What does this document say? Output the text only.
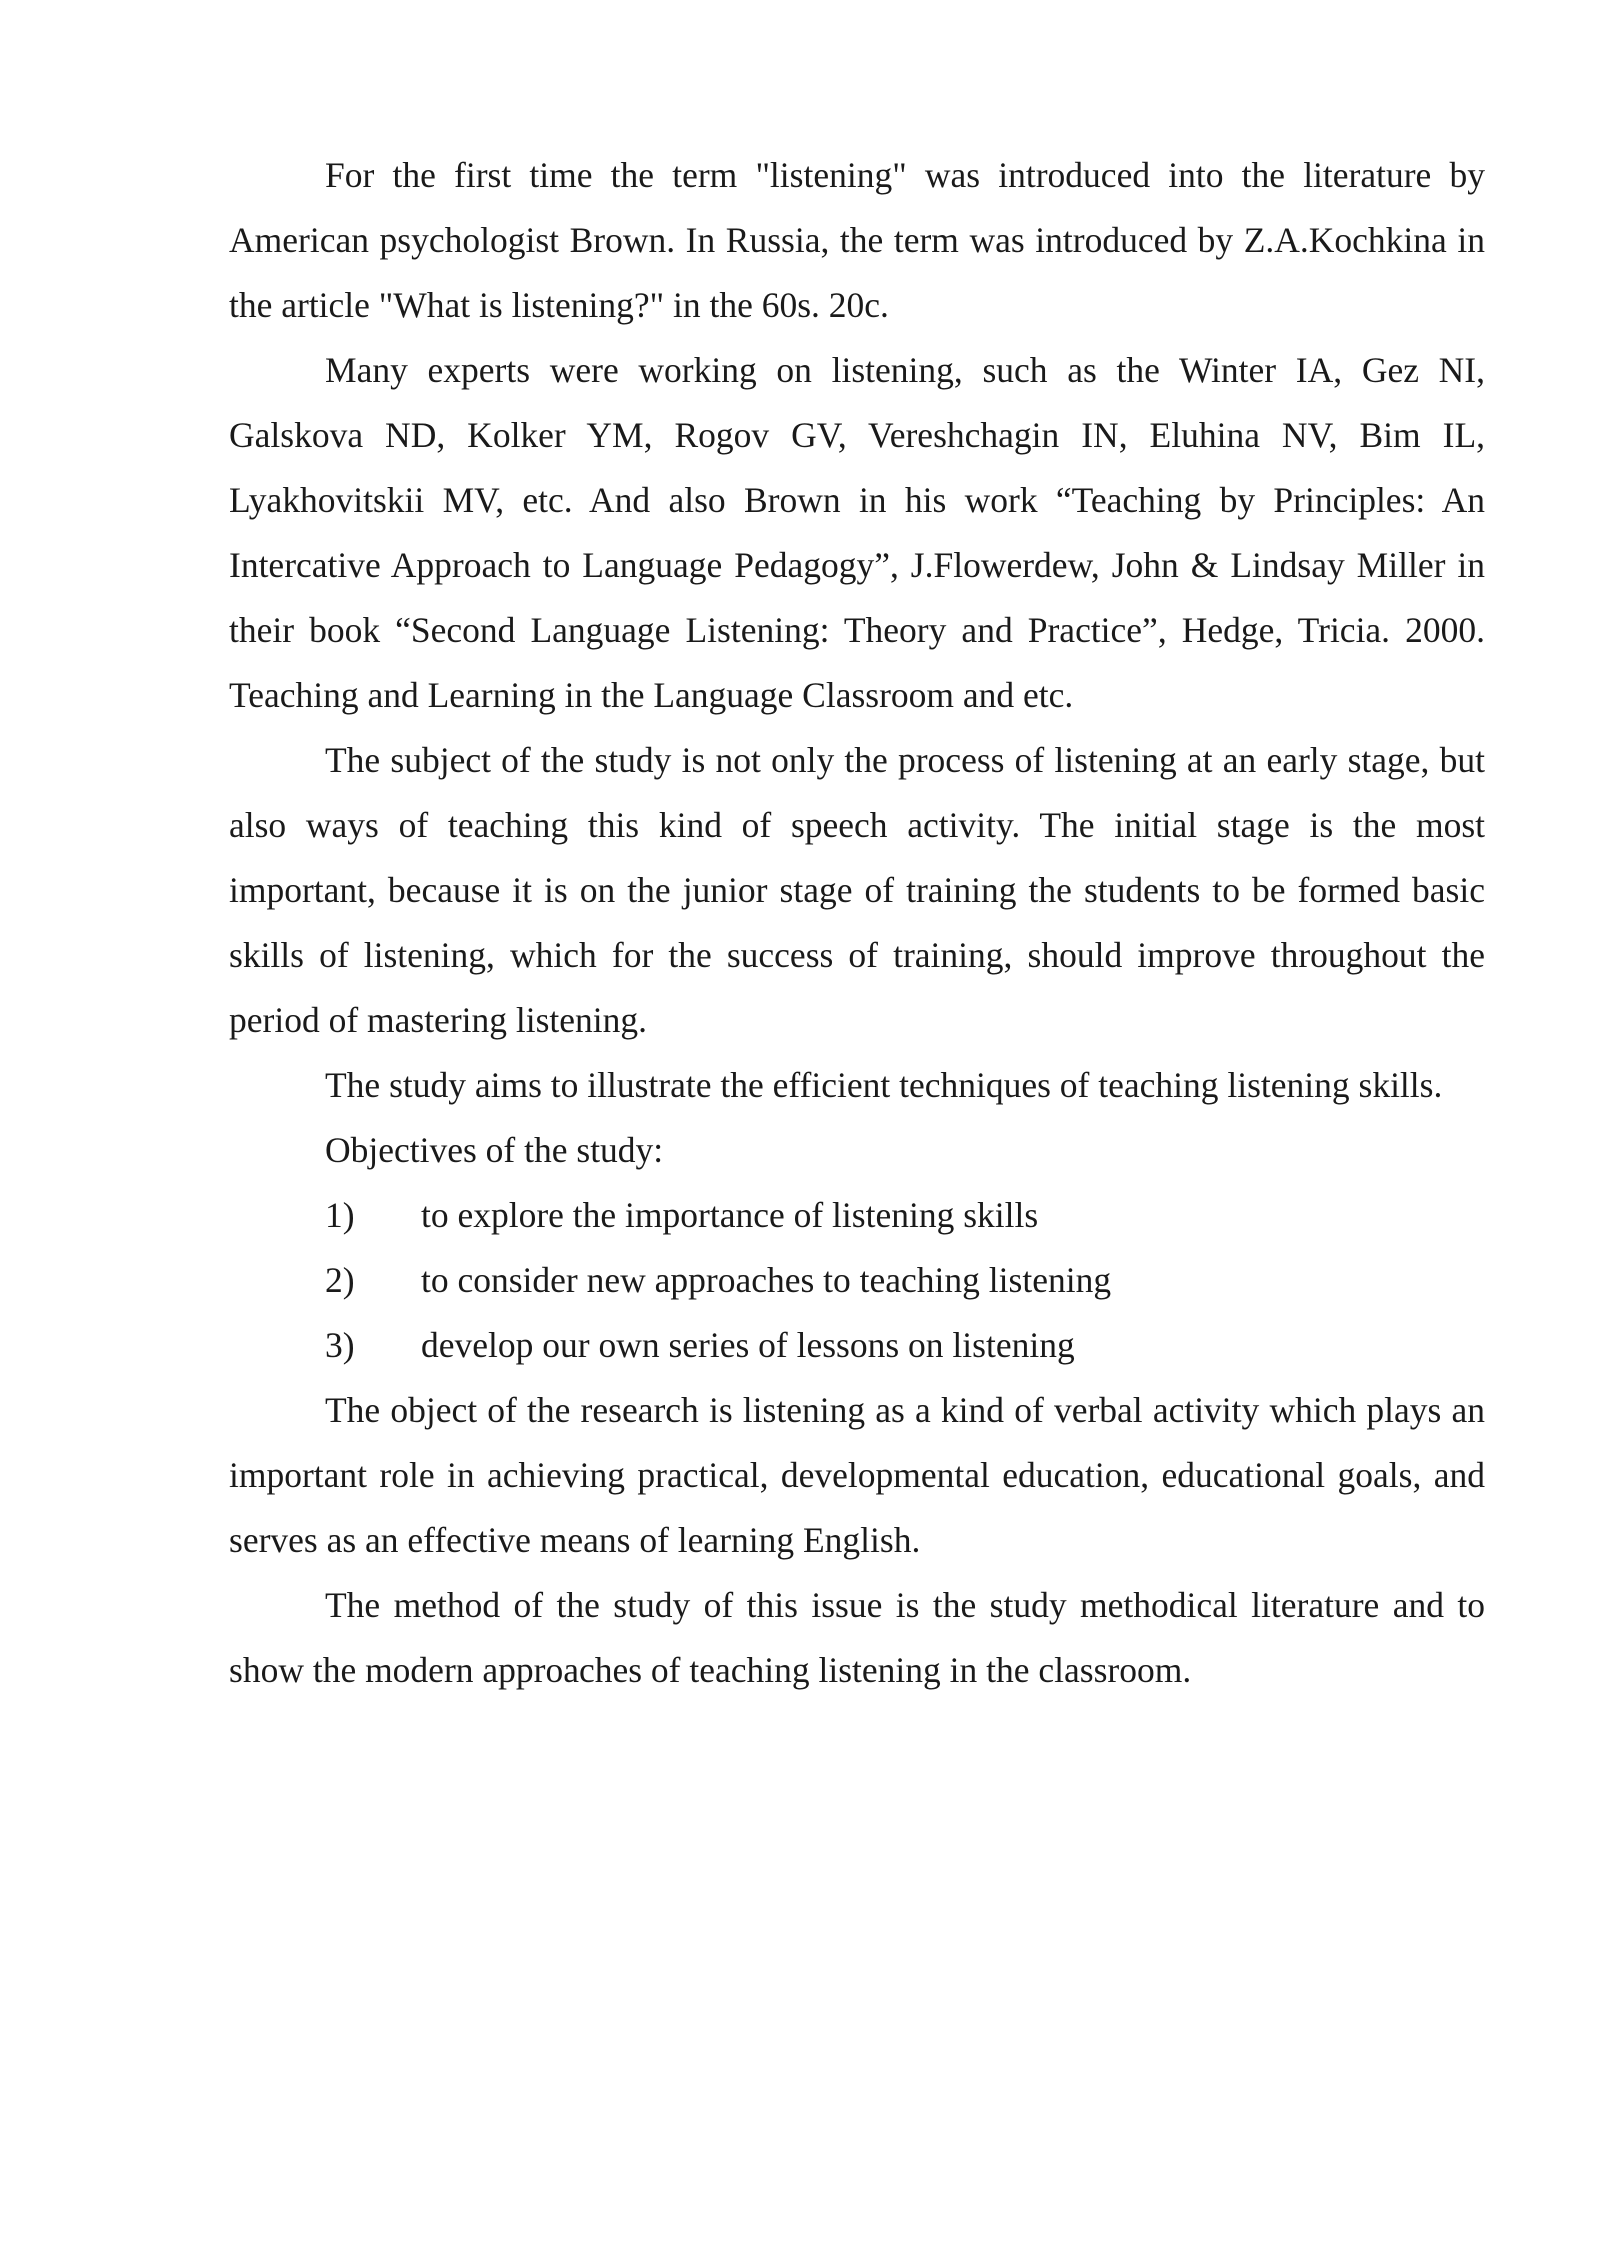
For the first time the term "listening" was introduced into the literature by American psychologist Brown. In Russia, the term was introduced by Z.A.Kochkina in the article "What is listening?" in the 60s. 20c.

Many experts were working on listening, such as the Winter IA, Gez NI, Galskova ND, Kolker YM, Rogov GV, Vereshchagin IN, Eluhina NV, Bim IL, Lyakhovitskii MV, etc. And also Brown in his work “Teaching by Principles: An Intercative Approach to Language Pedagogy”, J.Flowerdew, John & Lindsay Miller in their book “Second Language Listening: Theory and Practice”, Hedge, Tricia. 2000. Teaching and Learning in the Language Classroom and etc.

The subject of the study is not only the process of listening at an early stage, but also ways of teaching this kind of speech activity. The initial stage is the most important, because it is on the junior stage of training the students to be formed basic skills of listening, which for the success of training, should improve throughout the period of mastering listening.

The study aims to illustrate the efficient techniques of teaching listening skills.

Objectives of the study:

1)	to explore the importance of listening skills
2)	to consider new approaches to teaching listening
3)	develop our own series of lessons on listening

The object of the research is listening as a kind of verbal activity which plays an important role in achieving practical, developmental education, educational goals, and serves as an effective means of learning English.

The method of the study of this issue is the study methodical literature and to show the modern approaches of teaching listening in the classroom.
